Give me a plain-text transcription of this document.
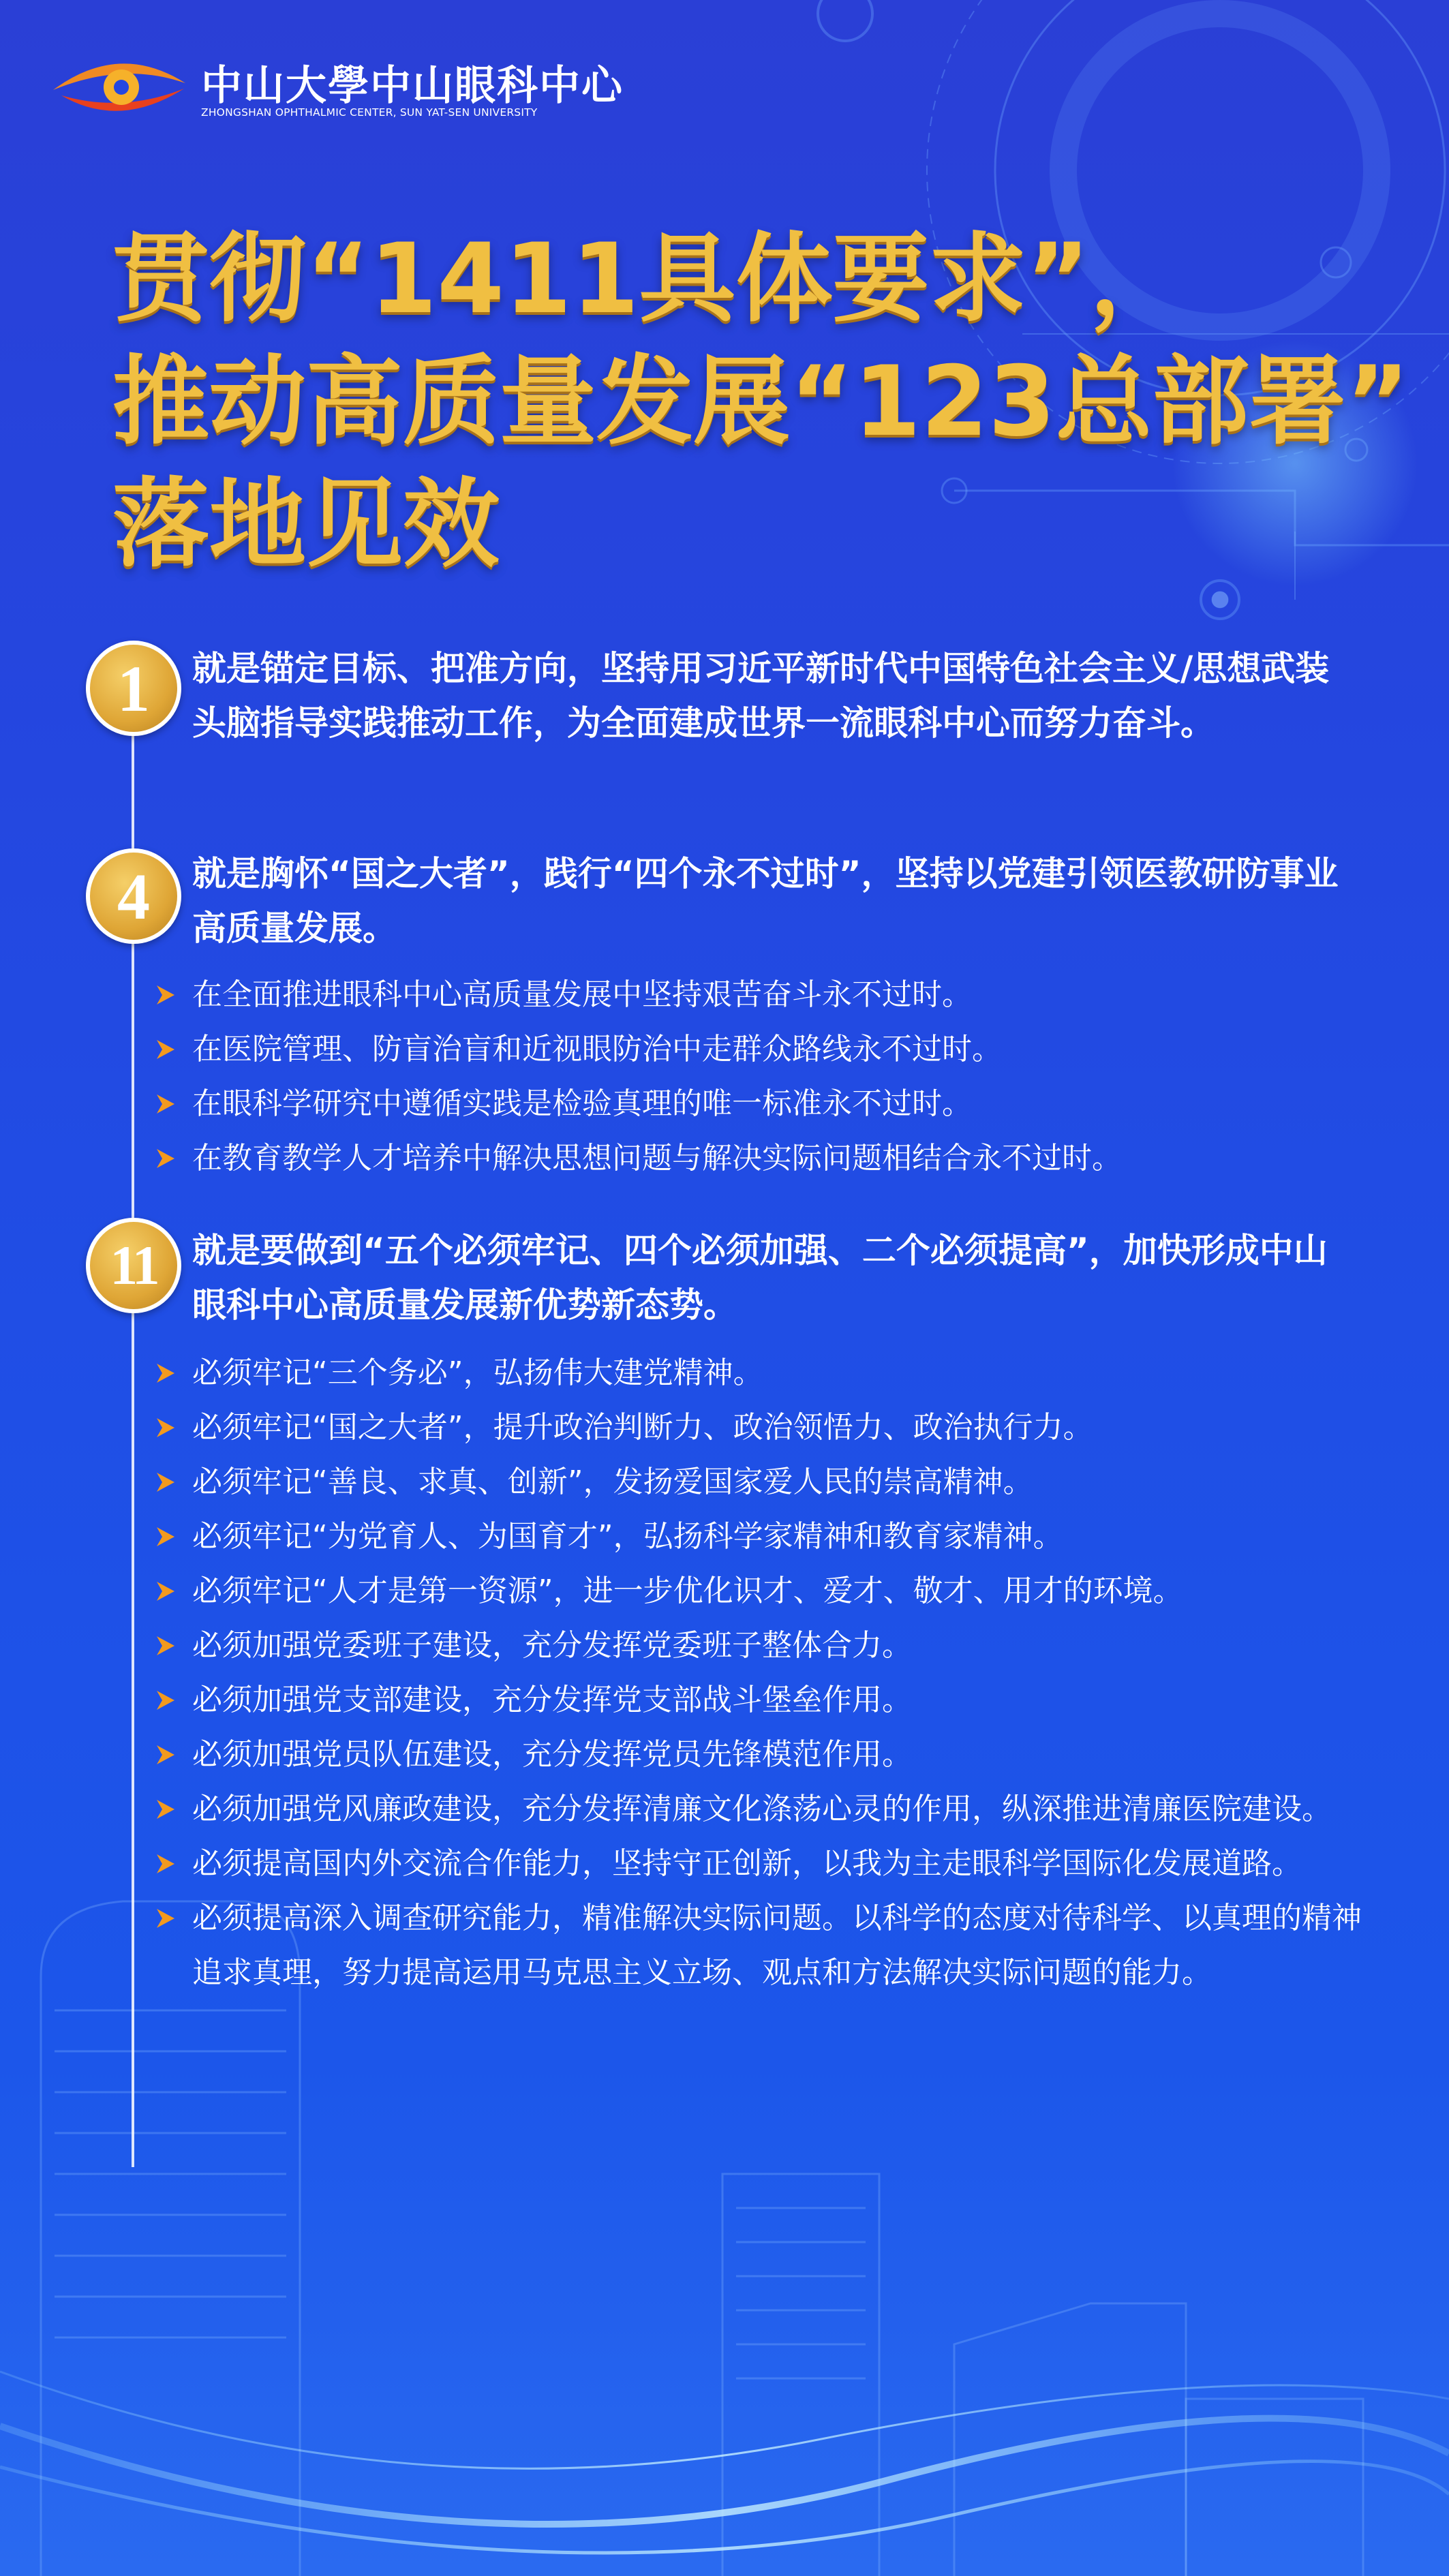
中山大學中山眼科中心
ZHONGSHAN OPHTHALMIC CENTER, SUN YAT-SEN UNIVERSITY
贯彻“1411具体要求”，
推动高质量发展“123总部署”
落地见效
1	就是锚定目标、把准方向，坚持用习近平新时代中国特色社会主义/思想武装头脑指导实践推动工作，为全面建成世界一流眼科中心而努力奋斗。
4	就是胸怀“国之大者”，践行“四个永不过时”，坚持以党建引领医教研防事业高质量发展。
在全面推进眼科中心高质量发展中坚持艰苦奋斗永不过时。
在医院管理、防盲治盲和近视眼防治中走群众路线永不过时。
在眼科学研究中遵循实践是检验真理的唯一标准永不过时。
在教育教学人才培养中解决思想问题与解决实际问题相结合永不过时。
11	就是要做到“五个必须牢记、四个必须加强、二个必须提高”，加快形成中山眼科中心高质量发展新优势新态势。
必须牢记“三个务必”，弘扬伟大建党精神。
必须牢记“国之大者”，提升政治判断力、政治领悟力、政治执行力。
必须牢记“善良、求真、创新”，发扬爱国家爱人民的崇高精神。
必须牢记“为党育人、为国育才”，弘扬科学家精神和教育家精神。
必须牢记“人才是第一资源”，进一步优化识才、爱才、敬才、用才的环境。
必须加强党委班子建设，充分发挥党委班子整体合力。
必须加强党支部建设，充分发挥党支部战斗堡垒作用。
必须加强党员队伍建设，充分发挥党员先锋模范作用。
必须加强党风廉政建设，充分发挥清廉文化涤荡心灵的作用，纵深推进清廉医院建设。
必须提高国内外交流合作能力，坚持守正创新，以我为主走眼科学国际化发展道路。
必须提高深入调查研究能力，精准解决实际问题。以科学的态度对待科学、以真理的精神追求真理，努力提高运用马克思主义立场、观点和方法解决实际问题的能力。
